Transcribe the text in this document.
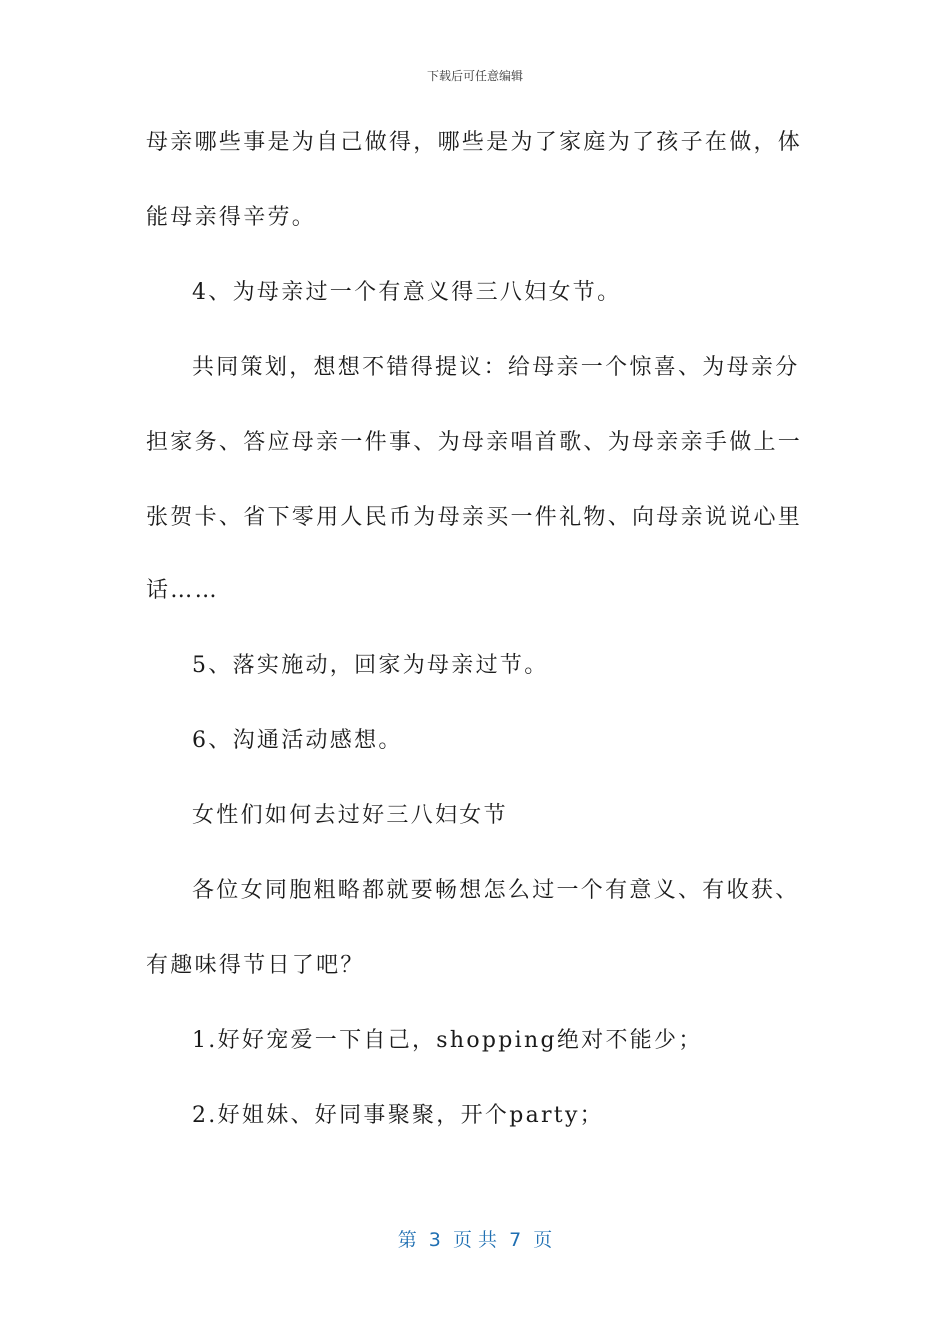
下载后可任意编辑
母亲哪些事是为自己做得，哪些是为了家庭为了孩子在做，体
能母亲得辛劳。
4、为母亲过一个有意义得三八妇女节。
共同策划，想想不错得提议：给母亲一个惊喜、为母亲分
担家务、答应母亲一件事、为母亲唱首歌、为母亲亲手做上一
张贺卡、省下零用人民币为母亲买一件礼物、向母亲说说心里
话……
5、落实施动，回家为母亲过节。
6、沟通活动感想。
女性们如何去过好三八妇女节
各位女同胞粗略都就要畅想怎么过一个有意义、有收获、
有趣味得节日了吧？
1.好好宠爱一下自己，shopping绝对不能少；
2.好姐妹、好同事聚聚，开个party；
第  3  页 共  7  页
